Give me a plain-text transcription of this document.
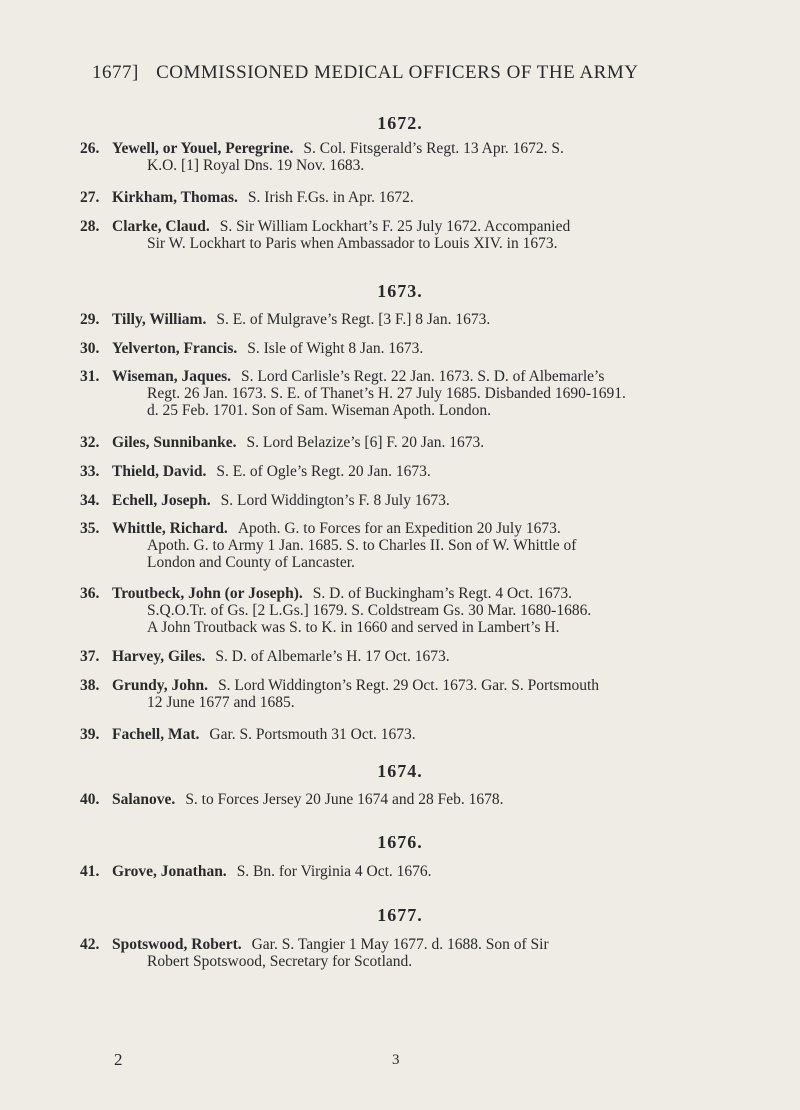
1677] COMMISSIONED MEDICAL OFFICERS OF THE ARMY
1672.
26. Yewell, or Youel, Peregrine. S. Col. Fitsgerald’s Regt. 13 Apr. 1672. S.
K.O. [1] Royal Dns. 19 Nov. 1683.
27. Kirkham, Thomas. S. Irish F.Gs. in Apr. 1672.
28. Clarke, Claud. S. Sir William Lockhart’s F. 25 July 1672. Accompanied
Sir W. Lockhart to Paris when Ambassador to Louis XIV. in 1673.
1673.
29. Tilly, William. S. E. of Mulgrave’s Regt. [3 F.] 8 Jan. 1673.
30. Yelverton, Francis. S. Isle of Wight 8 Jan. 1673.
31. Wiseman, Jaques. S. Lord Carlisle’s Regt. 22 Jan. 1673. S. D. of Albemarle’s
Regt. 26 Jan. 1673. S. E. of Thanet’s H. 27 July 1685. Disbanded 1690-1691.
d. 25 Feb. 1701. Son of Sam. Wiseman Apoth. London.
32. Giles, Sunnibanke. S. Lord Belazize’s [6] F. 20 Jan. 1673.
33. Thield, David. S. E. of Ogle’s Regt. 20 Jan. 1673.
34. Echell, Joseph. S. Lord Widdington’s F. 8 July 1673.
35. Whittle, Richard. Apoth. G. to Forces for an Expedition 20 July 1673.
Apoth. G. to Army 1 Jan. 1685. S. to Charles II. Son of W. Whittle of
London and County of Lancaster.
36. Troutbeck, John (or Joseph). S. D. of Buckingham’s Regt. 4 Oct. 1673.
S.Q.O.Tr. of Gs. [2 L.Gs.] 1679. S. Coldstream Gs. 30 Mar. 1680-1686.
A John Troutback was S. to K. in 1660 and served in Lambert’s H.
37. Harvey, Giles. S. D. of Albemarle’s H. 17 Oct. 1673.
38. Grundy, John. S. Lord Widdington’s Regt. 29 Oct. 1673. Gar. S. Portsmouth
12 June 1677 and 1685.
39. Fachell, Mat. Gar. S. Portsmouth 31 Oct. 1673.
1674.
40. Salanove. S. to Forces Jersey 20 June 1674 and 28 Feb. 1678.
1676.
41. Grove, Jonathan. S. Bn. for Virginia 4 Oct. 1676.
1677.
42. Spotswood, Robert. Gar. S. Tangier 1 May 1677. d. 1688. Son of Sir
Robert Spotswood, Secretary for Scotland.
2	3
